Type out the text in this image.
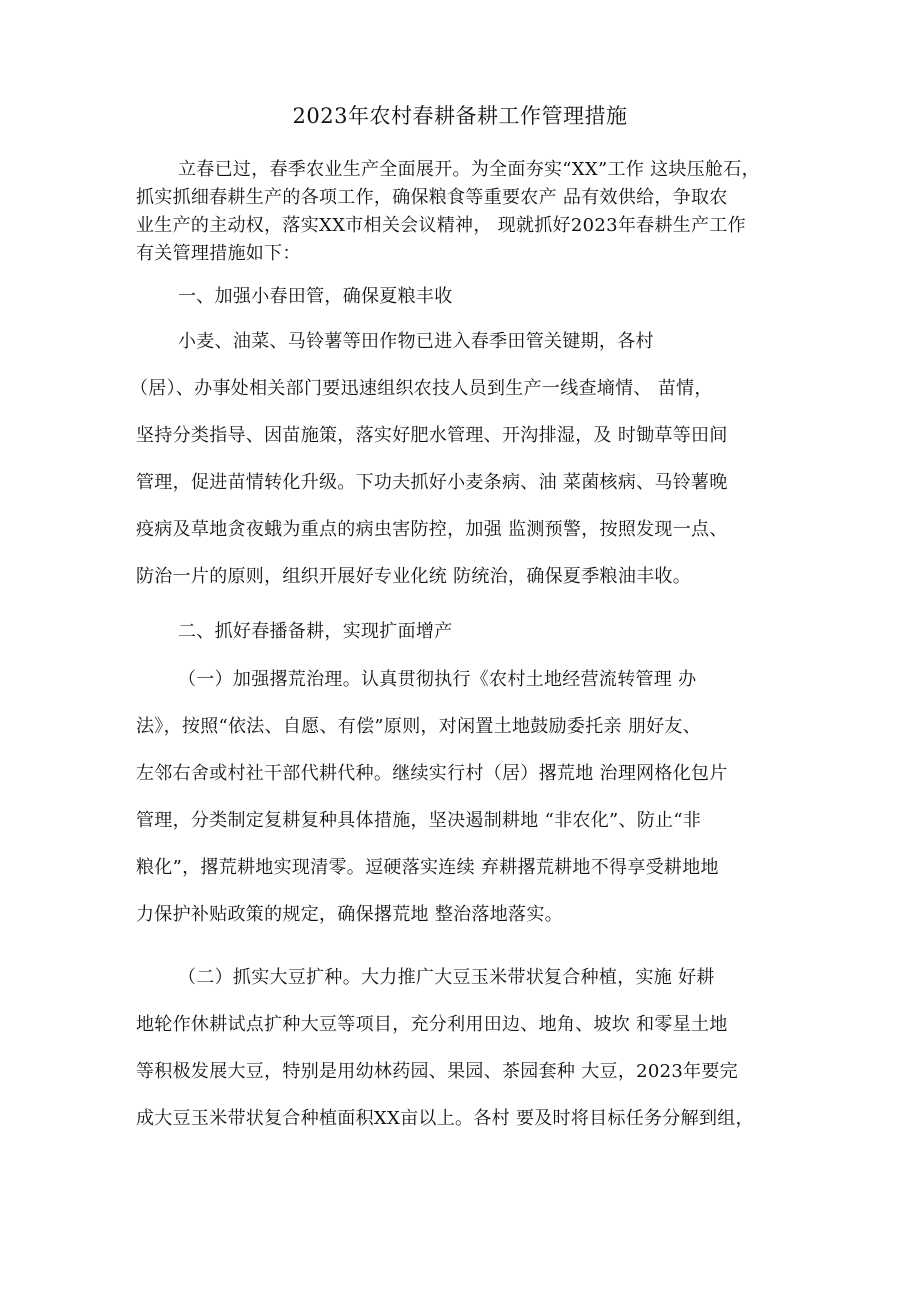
2023年农村春耕备耕工作管理措施
立春已过，春季农业生产全面展开。为全面夯实“XX”工作 这块压舱石，
抓实抓细春耕生产的各项工作，确保粮食等重要农产 品有效供给，争取农
业生产的主动权，落实XX市相关会议精神， 现就抓好2023年春耕生产工作
有关管理措施如下：
一、加强小春田管，确保夏粮丰收
小麦、油菜、马铃薯等田作物已进入春季田管关键期，各村
（居）、办事处相关部门要迅速组织农技人员到生产一线查墒情、 苗情，
坚持分类指导、因苗施策，落实好肥水管理、开沟排湿，及 时锄草等田间
管理，促进苗情转化升级。下功夫抓好小麦条病、油 菜菌核病、马铃薯晚
疫病及草地贪夜蛾为重点的病虫害防控，加强 监测预警，按照发现一点、
防治一片的原则，组织开展好专业化统 防统治，确保夏季粮油丰收。
二、抓好春播备耕，实现扩面增产
（一）加强撂荒治理。认真贯彻执行《农村土地经营流转管理 办
法》，按照“依法、自愿、有偿”原则，对闲置土地鼓励委托亲 朋好友、
左邻右舍或村社干部代耕代种。继续实行村（居）撂荒地 治理网格化包片
管理，分类制定复耕复种具体措施，坚决遏制耕地 “非农化”、防止“非
粮化”，撂荒耕地实现清零。逗硬落实连续 弃耕撂荒耕地不得享受耕地地
力保护补贴政策的规定，确保撂荒地 整治落地落实。
（二）抓实大豆扩种。大力推广大豆玉米带状复合种植，实施 好耕
地轮作休耕试点扩种大豆等项目，充分利用田边、地角、坡坎 和零星土地
等积极发展大豆，特别是用幼林药园、果园、茶园套种 大豆，2023年要完
成大豆玉米带状复合种植面积XX亩以上。各村 要及时将目标任务分解到组，
